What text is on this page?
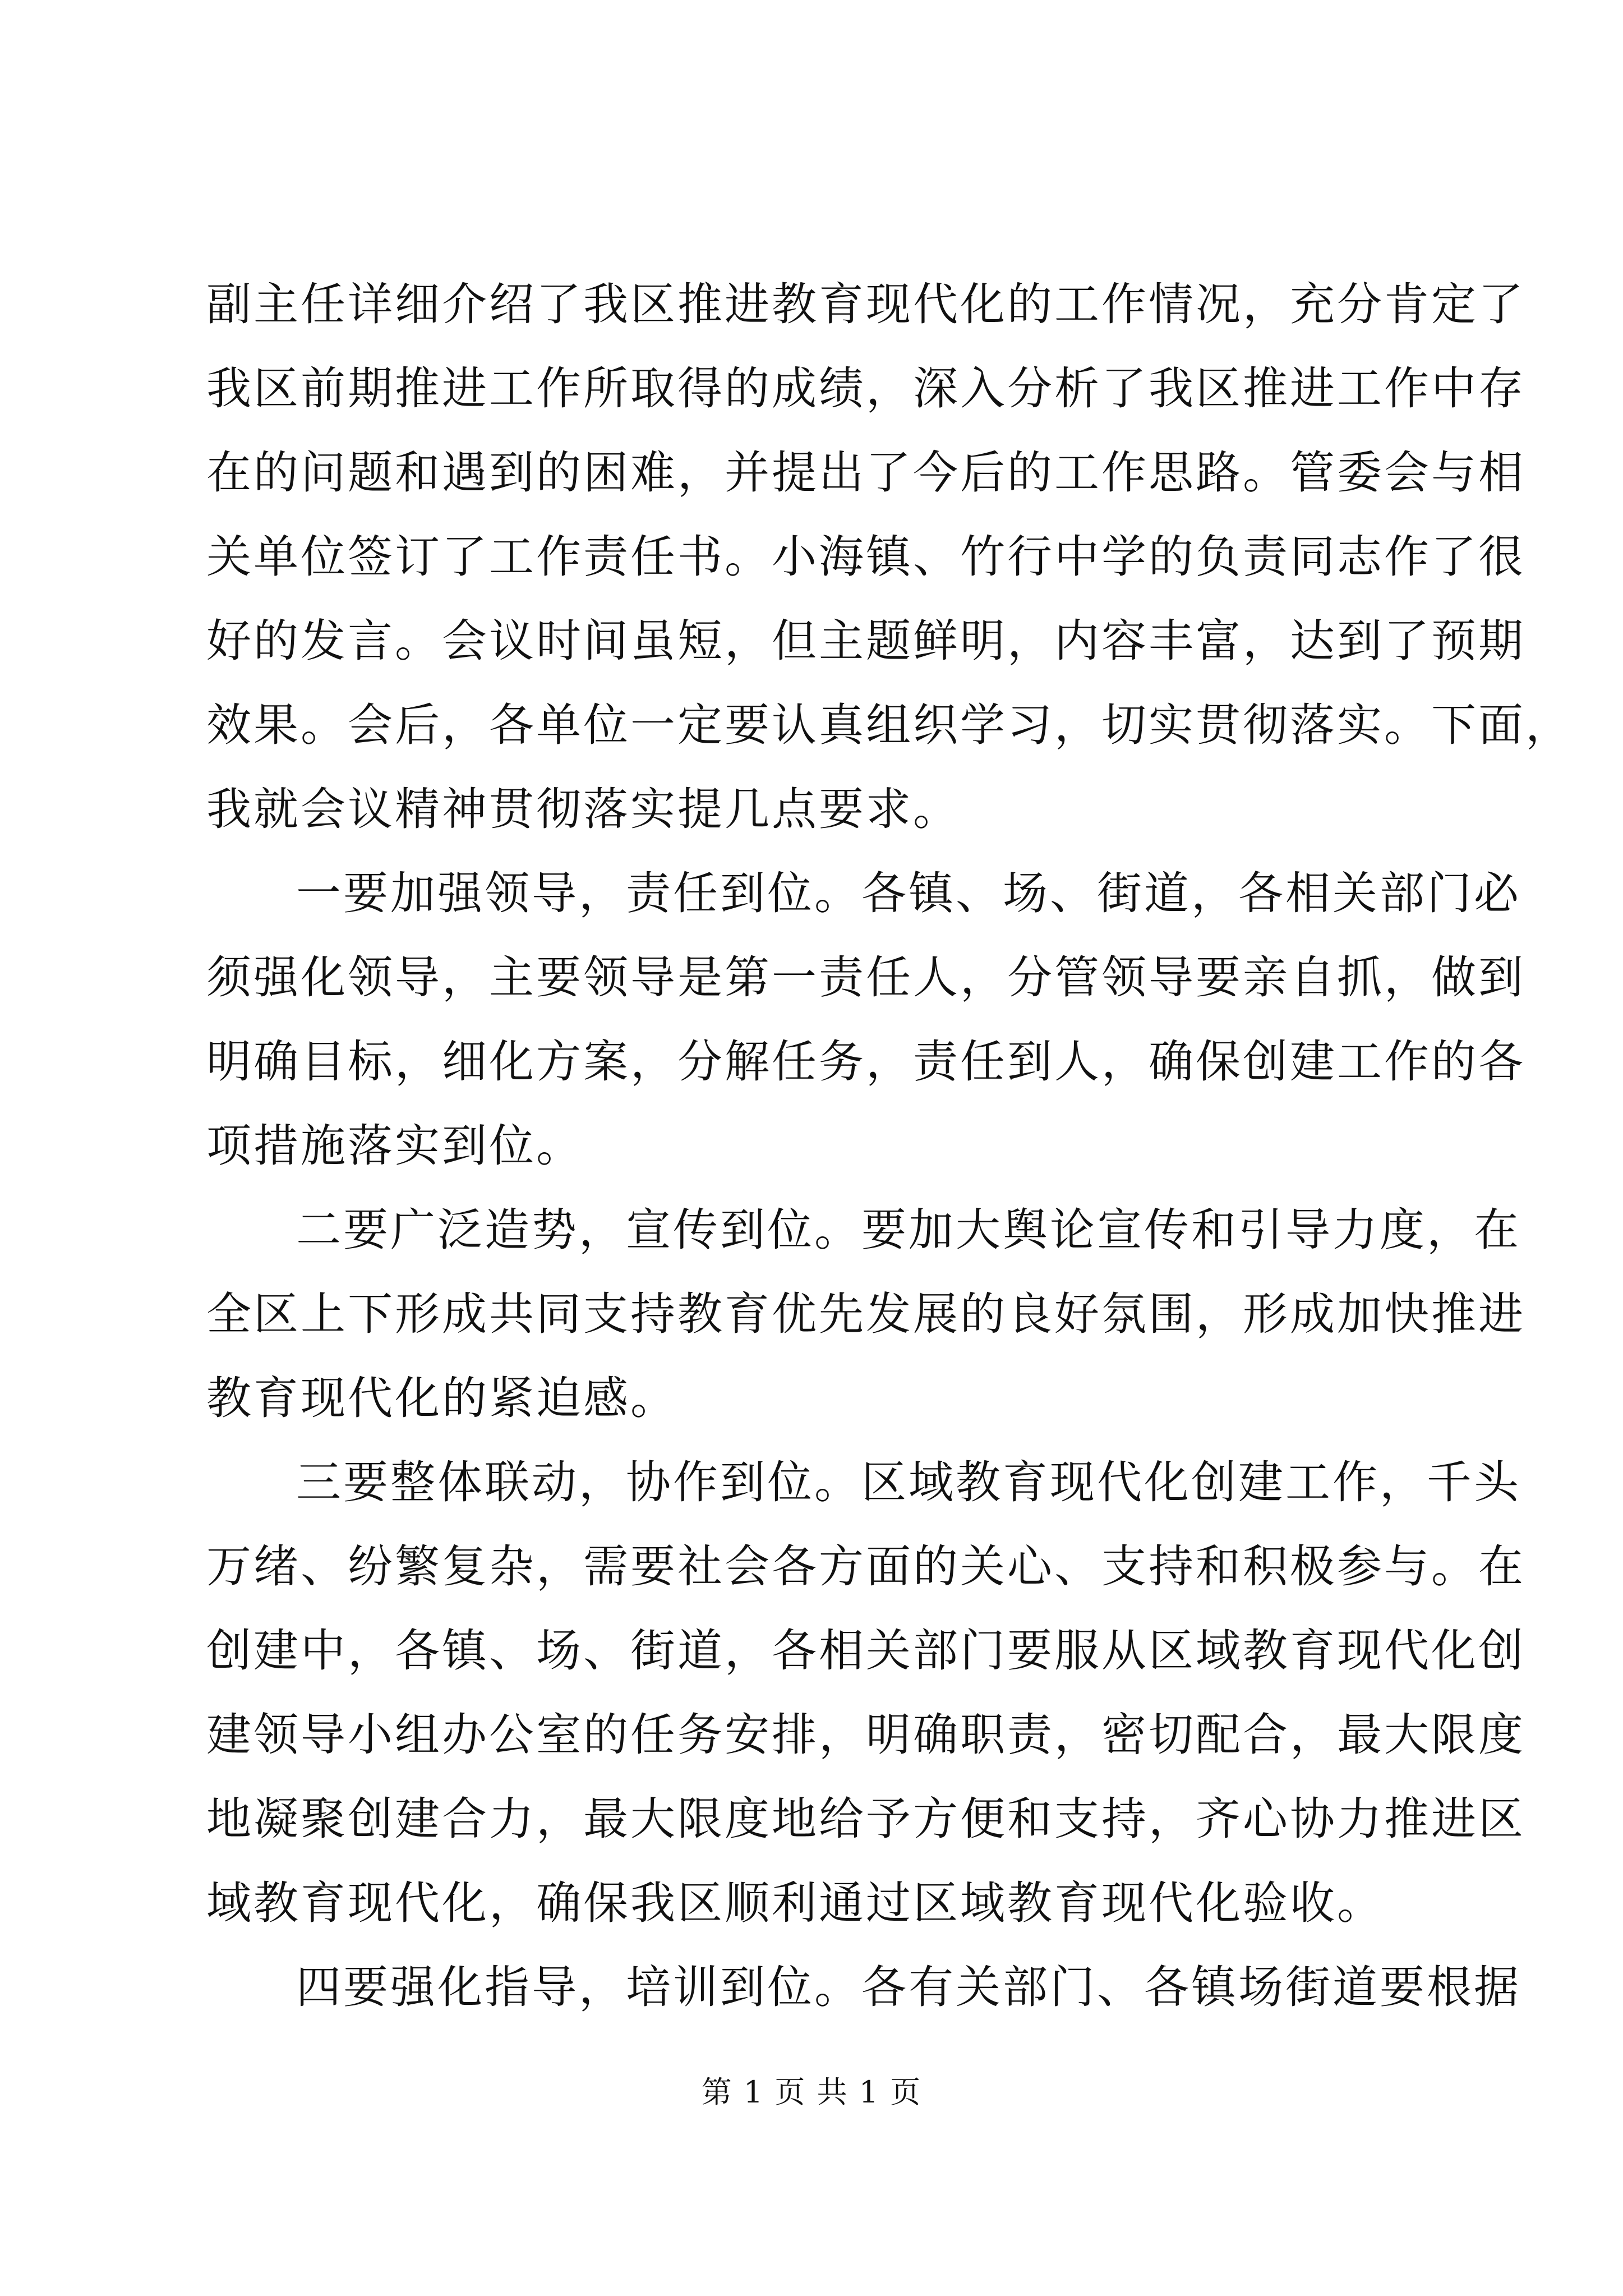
副主任详细介绍了我区推进教育现代化的工作情况，充分肯定了
我区前期推进工作所取得的成绩，深入分析了我区推进工作中存
在的问题和遇到的困难，并提出了今后的工作思路。管委会与相
关单位签订了工作责任书。小海镇、竹行中学的负责同志作了很
好的发言。会议时间虽短，但主题鲜明，内容丰富，达到了预期
效果。会后，各单位一定要认真组织学习，切实贯彻落实。下面，
我就会议精神贯彻落实提几点要求。
一要加强领导，责任到位。各镇、场、街道，各相关部门必
须强化领导，主要领导是第一责任人，分管领导要亲自抓，做到
明确目标，细化方案，分解任务，责任到人，确保创建工作的各
项措施落实到位。
二要广泛造势，宣传到位。要加大舆论宣传和引导力度，在
全区上下形成共同支持教育优先发展的良好氛围，形成加快推进
教育现代化的紧迫感。
三要整体联动，协作到位。区域教育现代化创建工作，千头
万绪、纷繁复杂，需要社会各方面的关心、支持和积极参与。在
创建中，各镇、场、街道，各相关部门要服从区域教育现代化创
建领导小组办公室的任务安排，明确职责，密切配合，最大限度
地凝聚创建合力，最大限度地给予方便和支持，齐心协力推进区
域教育现代化，确保我区顺利通过区域教育现代化验收。
四要强化指导，培训到位。各有关部门、各镇场街道要根据
第 1 页 共 1 页
